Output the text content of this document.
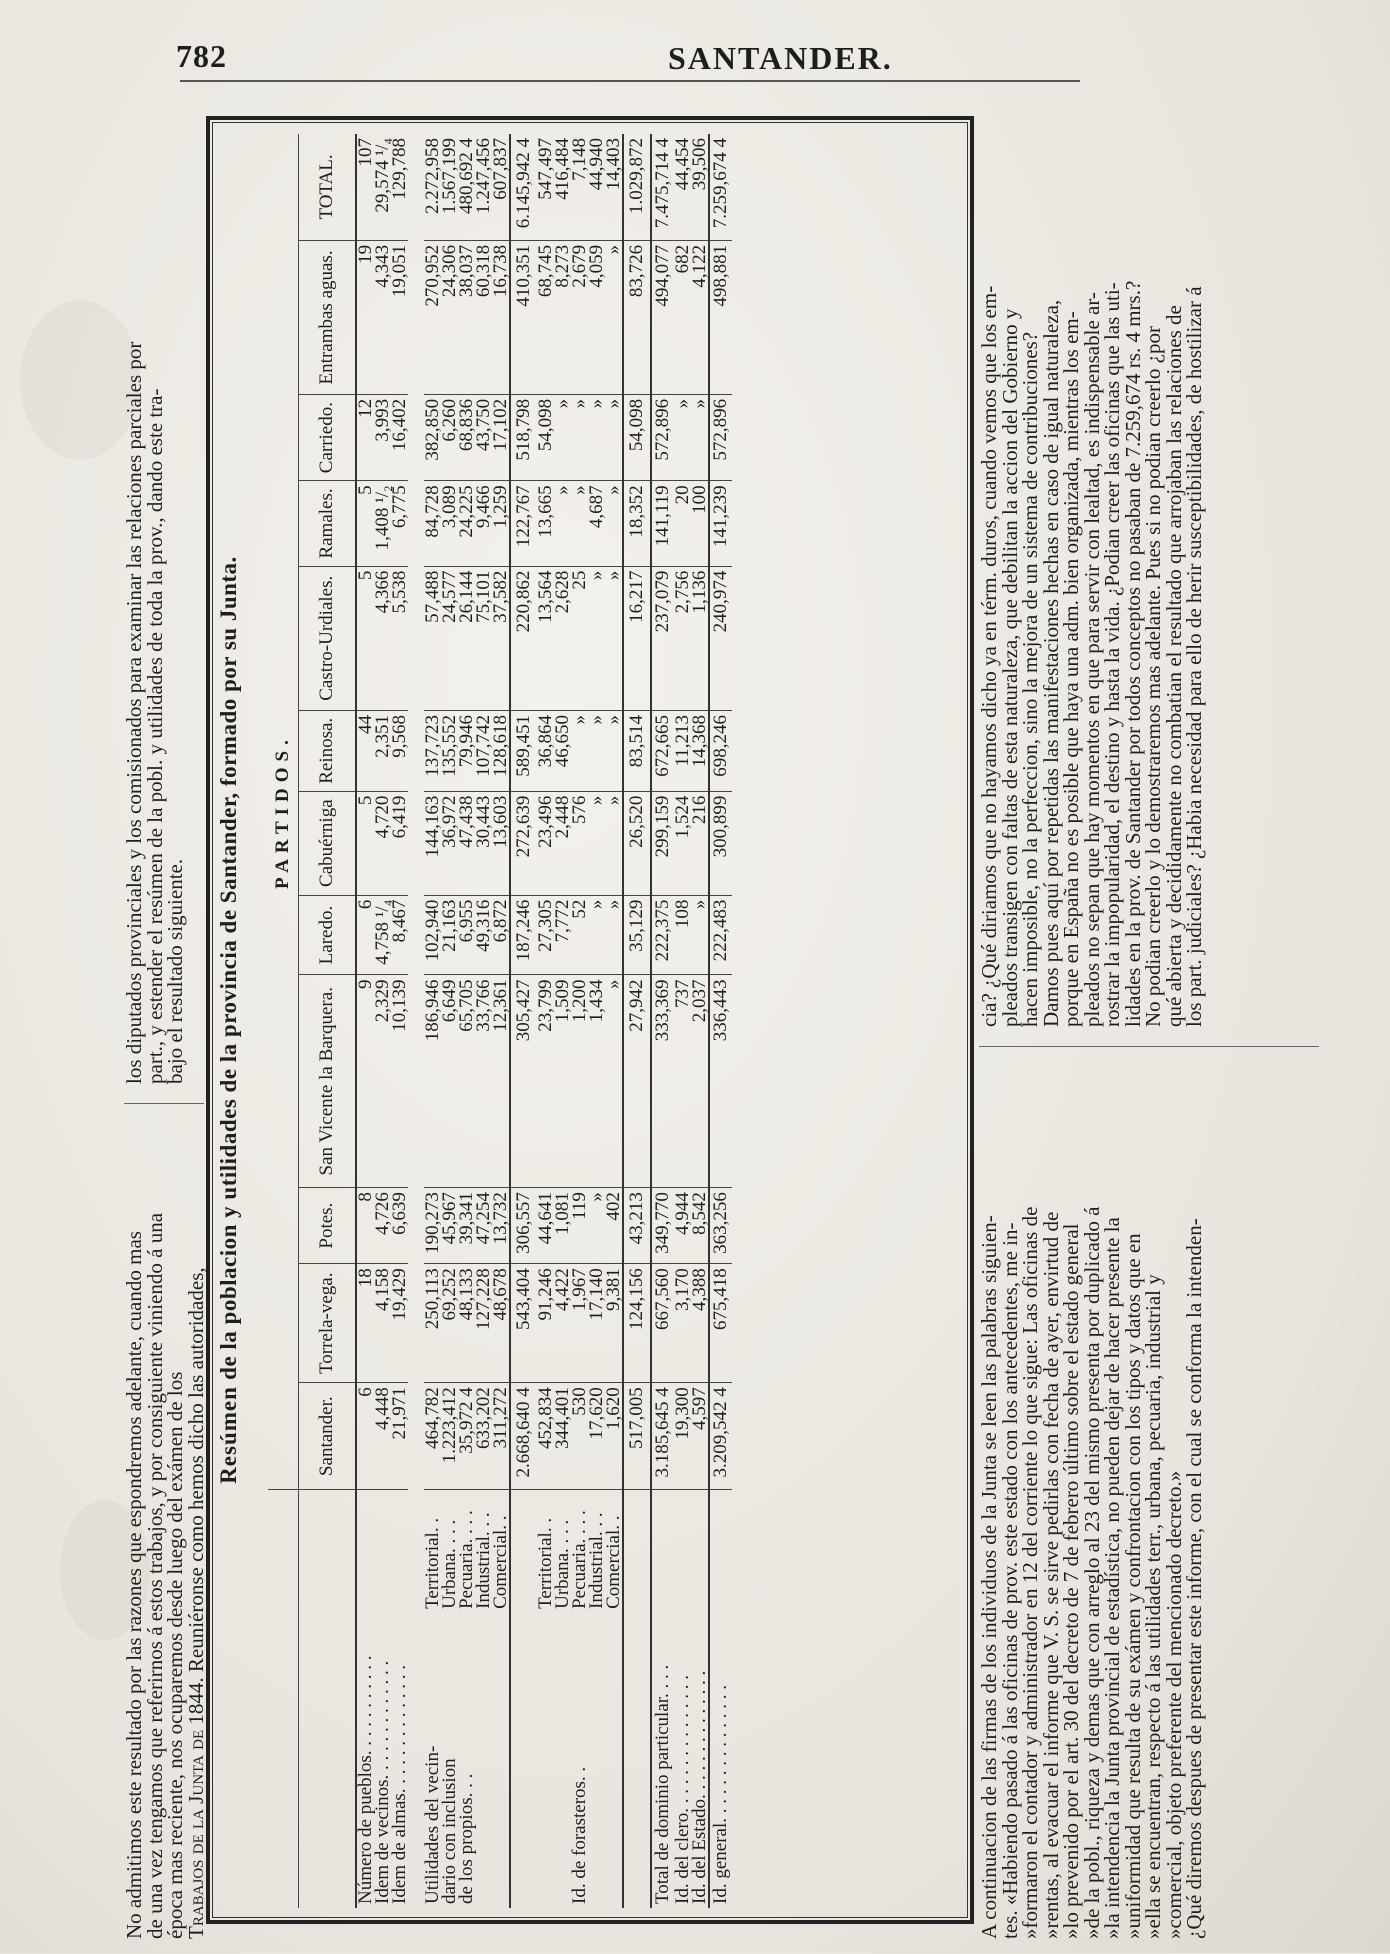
782	SANTANDER.

No admitimos este resultado por las razones que espondremos adelante, cuando mas

de una vez tengamos que referirnos á estos trabajos, y por consiguiente viniendo á una

época mas reciente, nos ocuparemos desde luego del exámen de los

Trabajos de la Junta de 1844. Reuniéronse como hemos dicho las autoridades,

los diputados provinciales y los comisionados para examinar las relaciones parciales por

part., y estender el resúmen de la pobl. y utilidades de toda la prov., dando este tra-

bajo el resultado siguiente.

Resúmen de la poblacion y utilidades de la provincia de Santander, formado por su Junta.
		PARTIDOS.											
		Santander.	Torrela-vega.	Potes.	San Vicente la Barquera.	Laredo.	Cabuérniga	Reinosa.	Castro-Urdiales.	Ramales.	Carriedo.	Entrambas aguas.	TOTAL.
Número de pueblos. . . . . . . . . . .		6	18	8	9	6	5	44	5	5	12	19	107
Idem de vecinos. . . . . . . . . . . . .		4,448	4,158	4,726	2,329	4,758 ¹/₄	4,720	2,351	4,366	1,408 ¹/₂	3,993	4,343	29,574 ¹/₄
Idem de almas. . . . . . . . . . . . . .		21,971	19,429	6,639	10,139	8,467	6,419	9,568	5,538	6,775	16,402	19,051	129,788

Utilidades del vecin-	Territorial. .	464,782	250,113	190,273	186,946	102,940	144,163	137,723	57,488	84,728	382,850	270,952	2.272,958
dario con inclusion	Urbana. . . .	1.223,412	69,252	45,967	6,649	21,163	36,972	135,552	24,577	3,089	6,260	24,306	1.567,199
de los propios. . .	Pecuaria. . . .	35,972 4	48,133	39,341	65,705	6,955	47,438	79,946	26,144	24,225	68,836	38,037	480,692 4
	Industrial. . .	633,202	127,228	47,254	33,766	49,316	30,443	107,742	75,101	9,466	43,750	60,318	1.247,456
	Comercial. .	311,272	48,678	13,732	12,361	6,872	13,603	128,618	37,582	1,259	17,102	16,738	607,837
		2.668,640 4	543,404	306,557	305,427	187,246	272,639	589,451	220,862	122,767	518,798	410,351	6.145,942 4
	Territorial. .	452,834	91,246	44,641	23,799	27,305	23,496	36,864	13,564	13,665	54,098	68,745	547,497
	Urbana. . . .	344,401	4,422	1,081	1,509	7,772	2,448	46,650	2,628	»	»	8,273	416,484
Id. de forasteros. .	Pecuaria. . . .	530	1,967	119	1,200	52	576	»	25	»	»	2,679	7,148
	Industrial. . .	17,620	17,140	»	1,434	»	»	»	»	4,687	»	4,059	44,940
	Comercial. .	1,620	9,381	402	»	»	»	»	»	»	»	»	14,403
		517,005	124,156	43,213	27,942	35,129	26,520	83,514	16,217	18,352	54,098	83,726	1.029,872
Total de dominio particular. . . .		3.185,645 4	667,560	349,770	333,369	222,375	299,159	672,665	237,079	141,119	572,896	494,077	7.475,714 4
Id. del clero. . . . . . . . . . . . . . .		19,300	3,170	4,944	737	108	1,524	11,213	2,756	20	»	682	44,454
Id. del Estado. . . . . . . . . . . . . .		4,597	4,388	8,542	2,037	»	216	14,368	1,136	100	»	4,122	39,506
Id. general. . . . . . . . . . . . . . .		3.209,542 4	675,418	363,256	336,443	222,483	300,899	698,246	240,974	141,239	572,896	498,881	7.259,674 4

A continuacion de las firmas de los individuos de la Junta se leen las palabras siguien-

tes. «Habiendo pasado á las oficinas de prov. este estado con los antecedentes, me in-

»formaron el contador y administrador en 12 del corriente lo que sigue: Las oficinas de

»rentas, al evacuar el informe que V. S. se sirve pedirlas con fecha de ayer, envirtud de

»lo prevenido por el art. 30 del decreto de 7 de febrero último sobre el estado general

»de la pobl., riqueza y demas que con arreglo al 23 del mismo presenta por duplicado á

»la intendencia la Junta provincial de estadística, no pueden dejar de hacer presente la

»uniformidad que resulta de su exámen y confrontacion con los tipos y datos que en

»ella se encuentran, respecto á las utilidades terr., urbana, pecuaria, industrial y

»comercial, objeto preferente del mencionado decreto.»

¿Qué diremos despues de presentar este informe, con el cual se conforma la intenden-

cia? ¿Qué diriamos que no hayamos dicho ya en térm. duros, cuando vemos que los em-

pleados transigen con faltas de esta naturaleza, que debilitan la accion del Gobierno y

hacen imposible, no la perfeccion, sino la mejora de un sistema de contribuciones?

Damos pues aquí por repetidas las manifestaciones hechas en caso de igual naturaleza,

porque en España no es posible que haya una adm. bien organizada, mientras los em-

pleados no sepan que hay momentos en que para servir con lealtad, es indispensable ar-

rostrar la impopularidad, el destino y hasta la vida. ¿Podian creer las oficinas que las uti-

lidades en la prov. de Santander por todos conceptos no pasaban de 7.259,674 rs. 4 mrs.?

No podian creerlo y lo demostraremos mas adelante. Pues si no podian creerlo ¿por

qué abierta y decididamente no combatian el resultado que arrojaban las relaciones de

los part. judiciales? ¿Habia necesidad para ello de herir susceptibilidades, de hostilizar á
